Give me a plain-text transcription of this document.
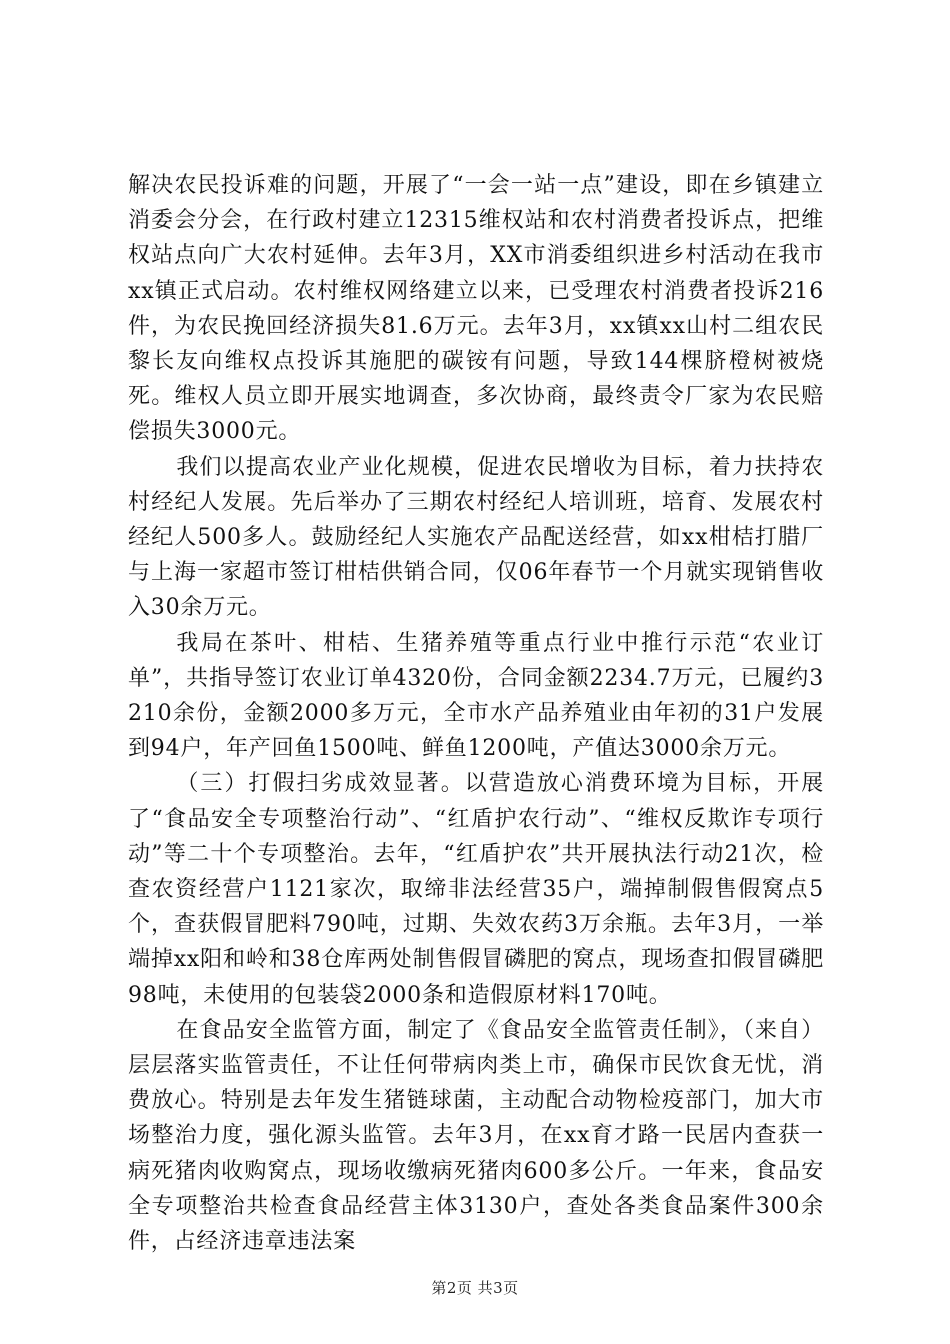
解决农民投诉难的问题，开展了“一会一站一点”建设，即在乡镇建立消委会分会，在行政村建立12315维权站和农村消费者投诉点，把维权站点向广大农村延伸。去年3月，XX市消委组织进乡村活动在我市xx镇正式启动。农村维权网络建立以来，已受理农村消费者投诉216件，为农民挽回经济损失81.6万元。去年3月，xx镇xx山村二组农民黎长友向维权点投诉其施肥的碳铵有问题，导致144棵脐橙树被烧死。维权人员立即开展实地调查，多次协商，最终责令厂家为农民赔偿损失3000元。

我们以提高农业产业化规模，促进农民增收为目标，着力扶持农村经纪人发展。先后举办了三期农村经纪人培训班，培育、发展农村经纪人500多人。鼓励经纪人实施农产品配送经营，如xx柑桔打腊厂与上海一家超市签订柑桔供销合同，仅06年春节一个月就实现销售收入30余万元。

我局在茶叶、柑桔、生猪养殖等重点行业中推行示范“农业订单”，共指导签订农业订单4320份，合同金额2234.7万元，已履约3210余份，金额2000多万元，全市水产品养殖业由年初的31户发展到94户，年产回鱼1500吨、鲜鱼1200吨，产值达3000余万元。

（三）打假扫劣成效显著。以营造放心消费环境为目标，开展了“食品安全专项整治行动”、“红盾护农行动”、“维权反欺诈专项行动”等二十个专项整治。去年，“红盾护农”共开展执法行动21次，检查农资经营户1121家次，取缔非法经营35户，端掉制假售假窝点5个，查获假冒肥料790吨，过期、失效农药3万余瓶。去年3月，一举端掉xx阳和岭和38仓库两处制售假冒磷肥的窝点，现场查扣假冒磷肥98吨，未使用的包装袋2000条和造假原材料170吨。

在食品安全监管方面，制定了《食品安全监管责任制》，（来自）层层落实监管责任，不让任何带病肉类上市，确保市民饮食无忧，消费放心。特别是去年发生猪链球菌，主动配合动物检疫部门，加大市场整治力度，强化源头监管。去年3月，在xx育才路一民居内查获一病死猪肉收购窝点，现场收缴病死猪肉600多公斤。一年来，食品安全专项整治共检查食品经营主体3130户，查处各类食品案件300余件，占经济违章违法案

第2页 共3页
